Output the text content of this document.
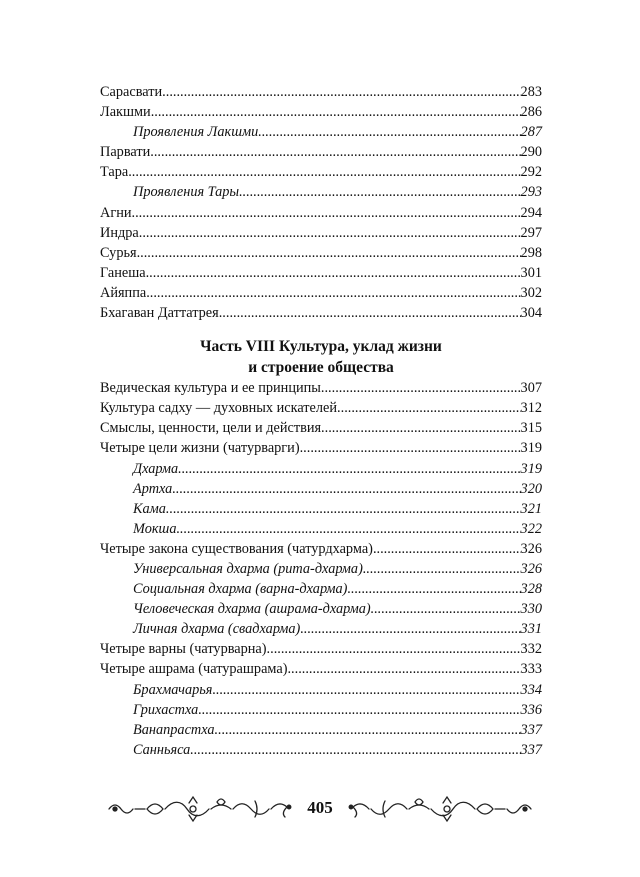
Сарасвати .....	283
Лакшми .....	286
Проявления Лакшми .....	287
Парвати .....	290
Тара .....	292
Проявления Тары .....	293
Агни .....	294
Индра .....	297
Сурья .....	298
Ганеша .....	301
Айяппа .....	302
Бхагаван Даттатрея .....	304
Часть VIII Культура, уклад жизни
и строение общества
Ведическая культура и ее принципы .....	307
Культура садху — духовных искателей .....	312
Смыслы, ценности, цели и действия .....	315
Четыре цели жизни (чатурварги) .....	319
Дхарма .....	319
Артха .....	320
Кама .....	321
Мокша .....	322
Четыре закона существования (чатурдхарма) .....	326
Универсальная дхарма (рита-дхарма) .....	326
Социальная дхарма (варна-дхарма) .....	328
Человеческая дхарма (ашрама-дхарма) .....	330
Личная дхарма (свадхарма) .....	331
Четыре варны (чатурварна) .....	332
Четыре ашрама (чатурашрама) .....	333
Брахмачарья .....	334
Грихастха .....	336
Ванапрастха .....	337
Санньяса .....	337
405
